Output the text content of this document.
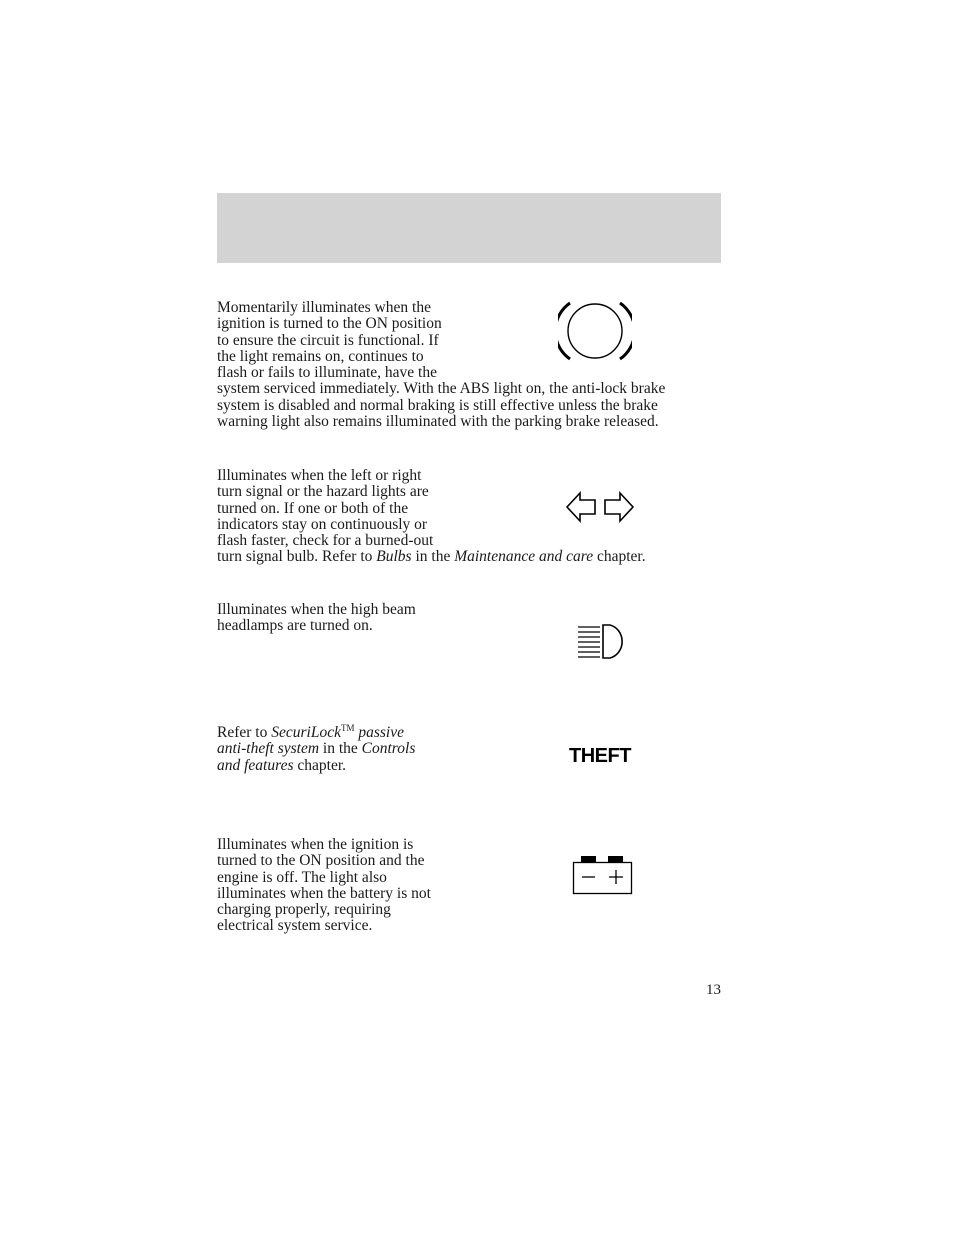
Momentarily illuminates when the
ignition is turned to the ON position
to ensure the circuit is functional. If
the light remains on, continues to
flash or fails to illuminate, have the

system serviced immediately. With the ABS light on, the anti-lock brake
system is disabled and normal braking is still effective unless the brake
warning light also remains illuminated with the parking brake released.

Illuminates when the left or right
turn signal or the hazard lights are
turned on. If one or both of the
indicators stay on continuously or
flash faster, check for a burned-out

turn signal bulb. Refer to Bulbs in the Maintenance and care chapter.

Illuminates when the high beam
headlamps are turned on.

Refer to SecuriLock™ passive
anti-theft system in the Controls
and features chapter.	THEFT

Illuminates when the ignition is
turned to the ON position and the
engine is off. The light also
illuminates when the battery is not
charging properly, requiring
electrical system service.

13
